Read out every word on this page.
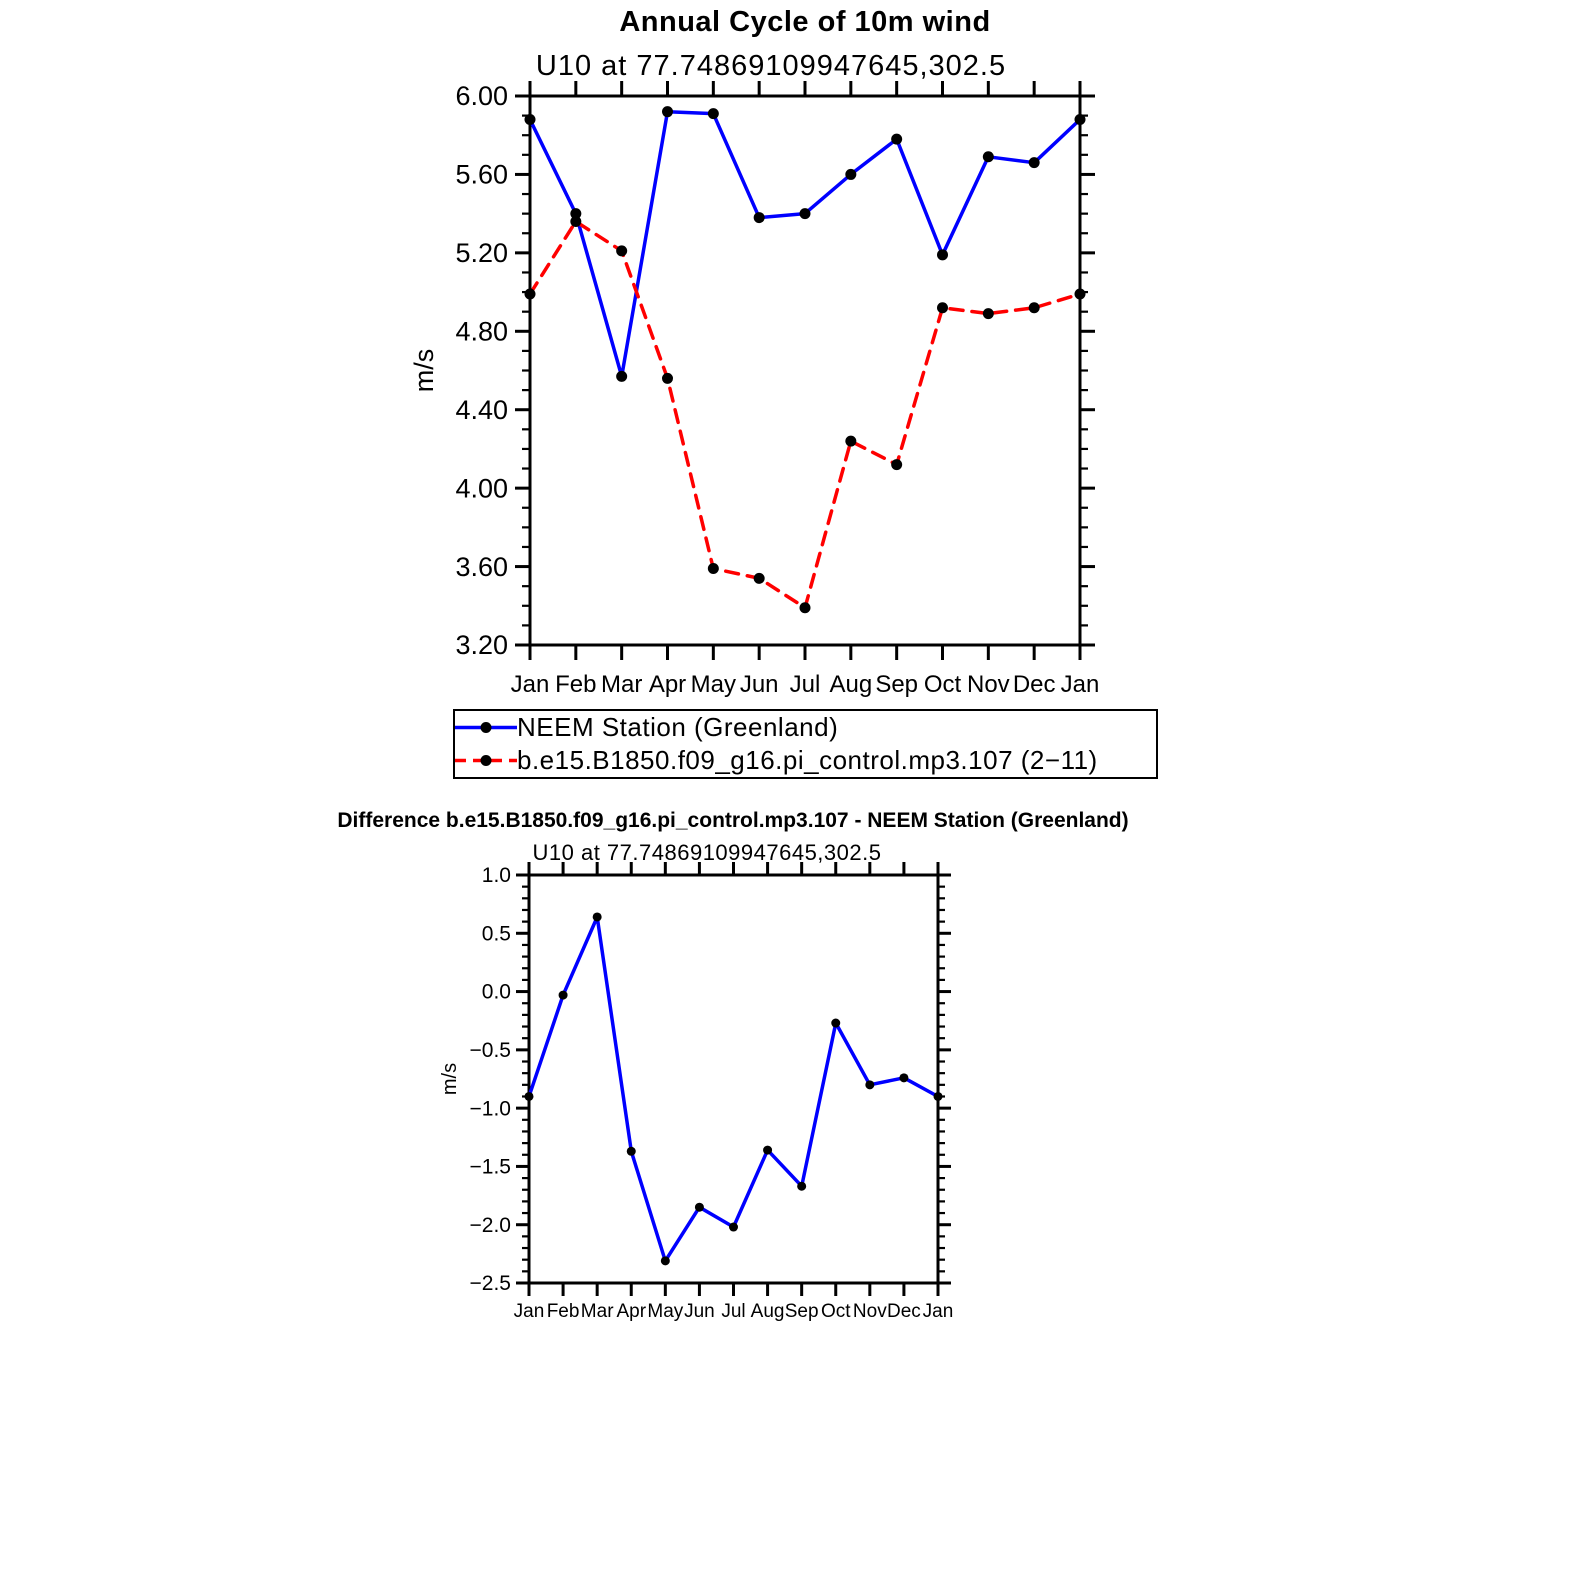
Annual Cycle of 10m wind
U10 at 77.74869109947645,302.5
6.00
5.60
5.20
4.80
4.40
4.00
3.60
3.20
Jan Feb Mar Apr May Jun Jul Aug Sep Oct Nov Dec Jan
m/s
1.0
0.5
0.0
−0.5
−1.0
−1.5
−2.0
−2.5
Jan Feb Mar Apr May Jun Jul Aug Sep Oct Nov Dec Jan
m/s
NEEM Station (Greenland)
b.e15.B1850.f09_g16.pi_control.mp3.107 (2−11)
Difference b.e15.B1850.f09_g16.pi_control.mp3.107 - NEEM Station (Greenland)
U10 at 77.74869109947645,302.5
